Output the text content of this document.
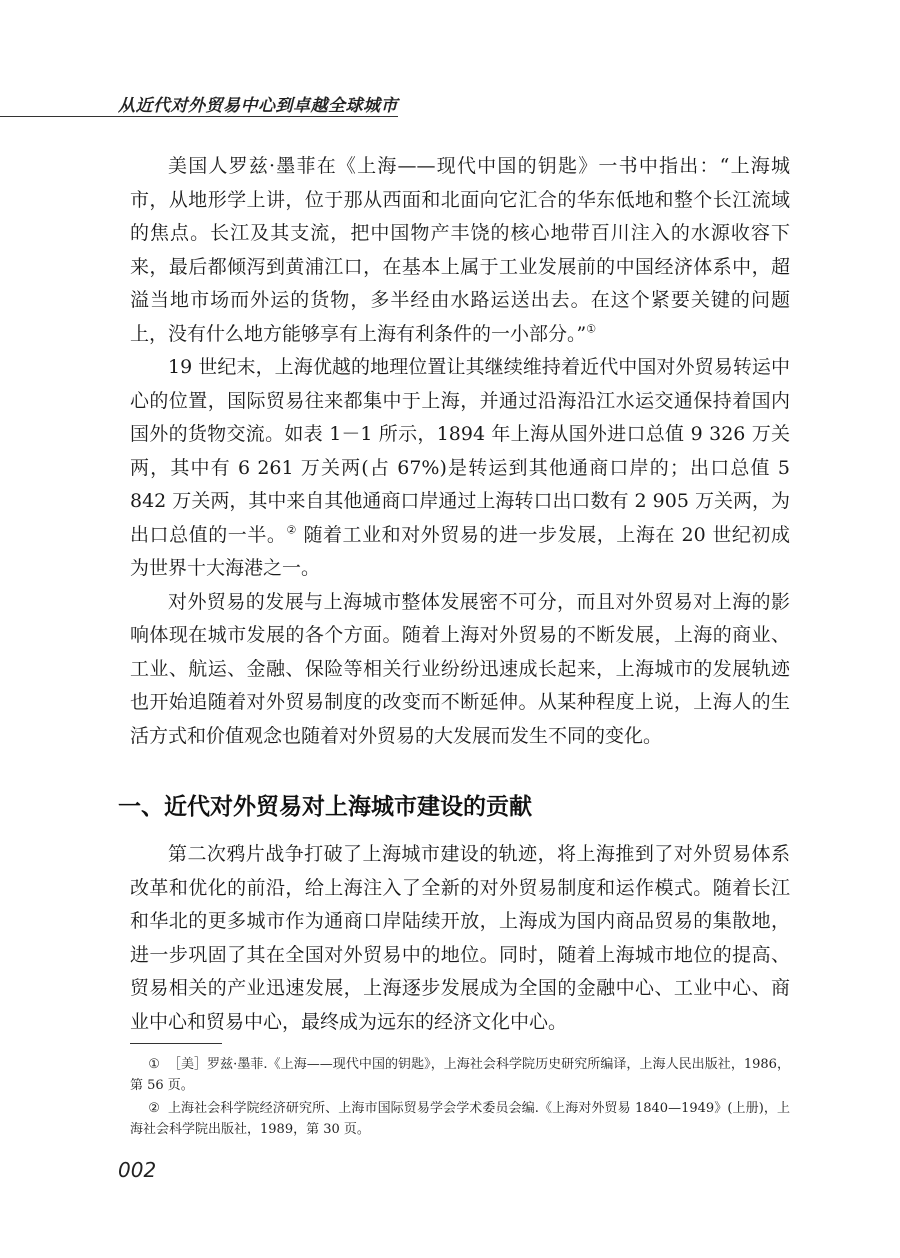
从近代对外贸易中心到卓越全球城市

美国人罗兹·墨菲在《上海——现代中国的钥匙》一书中指出：“上海城市，从地形学上讲，位于那从西面和北面向它汇合的华东低地和整个长江流域的焦点。长江及其支流，把中国物产丰饶的核心地带百川注入的水源收容下来，最后都倾泻到黄浦江口，在基本上属于工业发展前的中国经济体系中，超溢当地市场而外运的货物，多半经由水路运送出去。在这个紧要关键的问题上，没有什么地方能够享有上海有利条件的一小部分。”①

19 世纪末，上海优越的地理位置让其继续维持着近代中国对外贸易转运中心的位置，国际贸易往来都集中于上海，并通过沿海沿江水运交通保持着国内国外的货物交流。如表 1－1 所示，1894 年上海从国外进口总值 9 326 万关两，其中有 6 261 万关两(占 67%)是转运到其他通商口岸的；出口总值 5 842 万关两，其中来自其他通商口岸通过上海转口出口数有 2 905 万关两，为出口总值的一半。② 随着工业和对外贸易的进一步发展，上海在 20 世纪初成为世界十大海港之一。

对外贸易的发展与上海城市整体发展密不可分，而且对外贸易对上海的影响体现在城市发展的各个方面。随着上海对外贸易的不断发展，上海的商业、工业、航运、金融、保险等相关行业纷纷迅速成长起来，上海城市的发展轨迹也开始追随着对外贸易制度的改变而不断延伸。从某种程度上说，上海人的生活方式和价值观念也随着对外贸易的大发展而发生不同的变化。

一、近代对外贸易对上海城市建设的贡献

第二次鸦片战争打破了上海城市建设的轨迹，将上海推到了对外贸易体系改革和优化的前沿，给上海注入了全新的对外贸易制度和运作模式。随着长江和华北的更多城市作为通商口岸陆续开放，上海成为国内商品贸易的集散地，进一步巩固了其在全国对外贸易中的地位。同时，随着上海城市地位的提高、贸易相关的产业迅速发展，上海逐步发展成为全国的金融中心、工业中心、商业中心和贸易中心，最终成为远东的经济文化中心。

① ［美］罗兹·墨菲.《上海——现代中国的钥匙》，上海社会科学院历史研究所编译，上海人民出版社，1986，第 56 页。

② 上海社会科学院经济研究所、上海市国际贸易学会学术委员会编.《上海对外贸易 1840—1949》(上册)，上海社会科学院出版社，1989，第 30 页。

002
